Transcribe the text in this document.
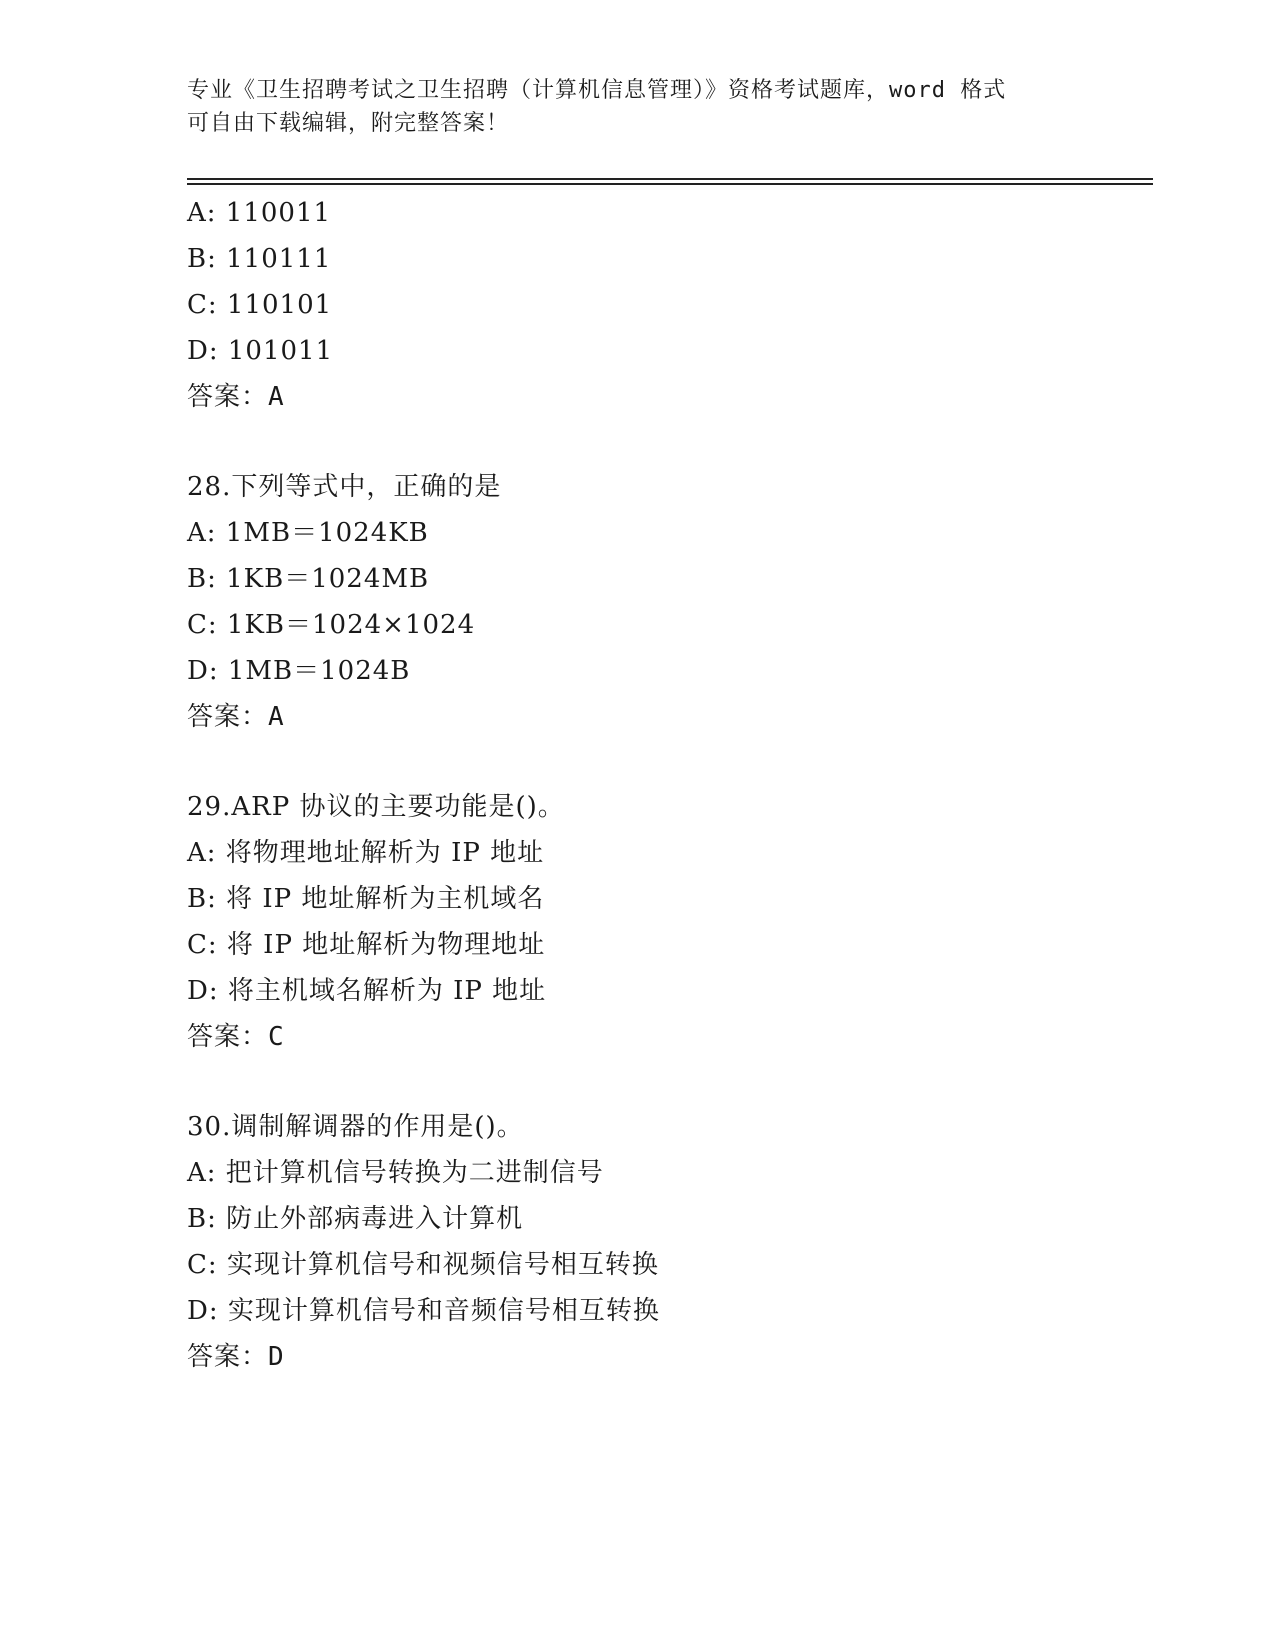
专业《卫生招聘考试之卫生招聘（计算机信息管理）》资格考试题库，word 格式
可自由下载编辑，附完整答案！
A: 110011
B: 110111
C: 110101
D: 101011
答案：A
28.下列等式中，正确的是
A: 1MB＝1024KB
B: 1KB＝1024MB
C: 1KB＝1024×1024
D: 1MB＝1024B
答案：A
29.ARP 协议的主要功能是()。
A: 将物理地址解析为 IP 地址
B: 将 IP 地址解析为主机域名
C: 将 IP 地址解析为物理地址
D: 将主机域名解析为 IP 地址
答案：C
30.调制解调器的作用是()。
A: 把计算机信号转换为二进制信号
B: 防止外部病毒进入计算机
C: 实现计算机信号和视频信号相互转换
D: 实现计算机信号和音频信号相互转换
答案：D
